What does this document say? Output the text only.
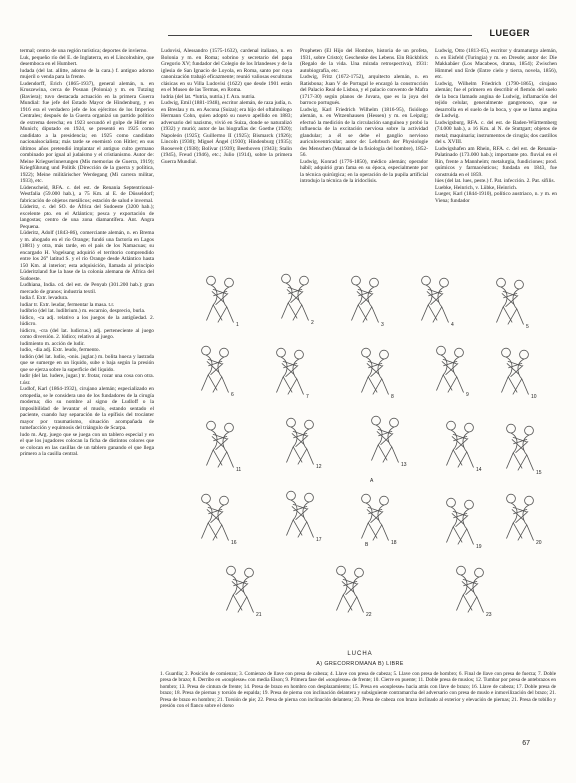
LUEGER

termal; centro de una región turística; deportes de invierno.

Luk, pequeño río del E. de Inglaterra, en el Lincolnshire, que desemboca en el Humbert.

ludada (del lat. allitte, adorno de la cara.) f. antiguo adorno mujeril o venda para la frente.

Ludendorff, Erich (1865-1937), general alemán, n. en Kruszewina, cerca de Posnan (Polonia) y m. en Tutzing (Baviera); tuvo destacada actuación en la primera Guerra Mundial: fue jefe del Estado Mayor de Hindenburg, y en 1916 era el verdadero jefe de los ejércitos de los Imperios Centrales; después de la Guerra organizó un partido político de extrema derecha; en 1923 secundó el golpe de Hitler en Munich; diputado en 1924, se presentó en 1925 como candidato a la presidencia; en 1925 como candidato nacionalsocialista; más tarde se enemistó con Hitler; en sus últimos años pretendió implantar el antiguo culto germano combinado por igual al judaísmo y el cristianismo. Autor de: Meine Kriegserinnerungen (Mis memorias de Guerra, 1919); Kriegführung und Politik (Dirección de la guerra y política, 1922); Meine militärischer Werdegang (Mi carrera militar, 1933), etc.

Lüdenscheid, RFA. c. del est. de Renania Septentrional-Westfalia (59.000 hab.), a 75 Km. al E. de Düsseldorf; fabricación de objetos metálicos; estación de salud e invernal.

Lüderitz, c. del SO. de África del Sudoeste (3200 hab.); excelente pto. en el Atlántico; pesca y exportación de langostas; centro de una zona diamantífera. Ant. Angra Pequena.

Lüderitz, Adolf (1843-86), comerciante alemán, n. en Brema y m. ahogado en el río Orange; fundó una factoría en Lagos (1881) y otra, más tarde, en el país de los Namacuas; su encargado H. Vogelsang adquirió el territorio comprendido entre los 26° latitud S. y el río Orange desde Atlántico hasta 150 Km. al interior; esta adquisición, llamada al principio Lüderitzland fue la base de la colonia alemana de África del Sudoeste.

Ludhiana, India. cd. del est. de Penyab (301.200 hab.): gran mercado de granos; industria textil.

ludia f. Extr. levadura.

ludiar tr. Extr. leudar, fermentar la masa. t.r.

ludibrio (del lat. ludibrium.) m. escarnio, desprecio, burla.

lúdico, -ca adj. relativo a los juegos de la antigüedad. 2. lúdicro.

lúdicro, -cra (del lat. ludicrus.) adj. perteneciente al juego como diversión. 2. lúdico; relativo al juego.

ludimiento m. acción de ludir.

ludio, -dia adj. Extr. leudo, fermento.

ludión (del lat. ludio, -onis. juglar.) m. bolita hueca y lastrada que se sumerge en un líquido, sube o baja según la presión que se ejerza sobre la superficie del líquido.

ludir (del lat. ludere, jugar.) tr. frotar, rozar una cosa con otra. t.úsr.

Ludlof, Karl (1864-1932), cirujano alemán; especializado en ortopedia, se le considera uno de los fundadores de la cirugía moderna; dio su nombre al signo de Ludloff o la imposibilidad de levantar el muslo, estando sentado el paciente, cuando hay separación de la epífisis del trocánter mayor por traumatismo, situación acompañada de tumefacción y equimosis del triángulo de Scarpa.

ludo m. Arg. juego que se juega con un tablero especial y en el que los jugadores colocan la ficha de distintos colores que se colocan en las casillas de un tablero ganando el que llega primero a la casilla central.

Ludovisi, Alessandro (1575-1632), cardenal italiano, n. en Bolonia y m. en Roma; sobrino y secretario del papa Gregorio XV; fundador del Colegio de los Irlandeses y de la iglesia de San Ignacio de Loyola, en Roma, santo por cuya canonización trabajó eficazmente; reunió valiosas esculturas clásicas en su Villa Ludovisi (1622) que desde 1901 están en el Museo de las Termas, en Roma.

ludria (del lat. *lutria, nutria.) f. Ara. nutria.

Ludwig, Emil (1881-1948), escritor alemán, de raza judía, n. en Breslau y m. en Ascona (Suiza); era hijo del oftalmólogo Hermann Cohn, quien adoptó su nuevo apellido en 1883; adversario del nazismo, vivió en Suiza, donde se naturalizó (1932) y murió; autor de las biografías de: Goethe (1920); Napoleón (1925); Guillermo II (1925); Bismarck (1926); Lincoln (1930); Miguel Ángel (1930); Hindenburg (1935); Roosevelt (1938); Bolívar (1939); Beethoven (1943); Stalin (1945), Freud (1946), etc.; Julio (1914), sobre la primera Guerra Mundial.

Propheten (El Hijo del Hombre, historia de un profeta, 1931, sobre Cristo); Geschenke des Lebens. Ein Rückblick (Regalo de la vida. Una mirada retrospectiva), 1931: autobiografía, etc.

Ludwig, Fritz (1672-1752), arquitecto alemán, n. en Ratisbona; Juan V de Portugal le encargó la construcción del Palacio Real de Lisboa, y el palacio convento de Mafra (1717-30) según planos de Juvara, que es la joya del barroco portugués.

Ludwig, Karl Friedrich Wilhelm (1816-95), fisiólogo alemán, n. en Witzenhausen (Hessen) y m. en Leipzig; efectuó la medición de la circulación sanguínea y probó la influencia de la excitación nerviosa sobre la actividad glandular; a él se debe el ganglio nervioso auriculoventricular; autor de: Lehrbuch der Physiologie des Menschen (Manual de la fisiología del hombre), 1852-56.

Ludwig, Konrad (1776-1850), médico alemán; operador hábil; adquirió gran fama en su época, especialmente por la técnica quirúrgica; en la operación de la pupila artificial introdujo la técnica de la iridoclisis.

Ludwig, Otto (1813-65), escritor y dramaturgo alemán, n. en Eisfeld (Turingia) y m. en Dresde; autor de: Die Makkabäer (Los Macabeos, drama, 1854); Zwischen Himmel und Erde (Entre cielo y tierra, novela, 1856), etc.

Ludwig, Wilhelm Friedrich (1790-1865), cirujano alemán; fue el primero en describir el flemón del suelo de la boca llamado angina de Ludwig, inflamación del tejido celular, generalmente gangrenoso, que se desarrolla en el suelo de la boca, y que se llama angina de Ludwig.

Ludwigsburg, RFA. c. del est. de Baden-Württemberg (74.000 hab.), a 16 Km. al N. de Stuttgart; objetos de metal; maquinaria; instrumentos de cirugía; dos castillos del s. XVIII.

Ludwigshafen am Rhein, RFA. c. del est. de Renania-Palatinado (173.000 hab.); importante pto. fluvial en el Rin, frente a Mannheim; metalurgia, fundiciones; prod. químicos y farmacéuticos; fundada en 1843, fue construida en el 1859.

lúes (del lat. lues, peste.) f. Pat. infección. 2. Pat. sífilis.

Luebke, Heinrich, v. Lübke, Heinrich.

Lueger, Karl (1844-1910), político austriaco, n. y m. en Viena; fundador

1	2	3	4	5
6	7	8	9	10
11	12	13
14	15
16	17	18
19
20
21	22	23
A
B
LUCHA
A) GRECORROMANA B) LIBRE
1. Guardia; 2. Posición de comienzo; 3. Comienzo de llave con presa de cabeza; 4. Llave con presa de cabeza; 5. Llave con presa de hombro; 6. Final de llave con presa de fuerza; 7. Doble presa de brazo; 8. Derribo en «souplesse» con media Elson; 9. Primera fase del «souplesse» de frente; 10. Cierre en puente; 11. Doble presa de muslos; 12. Tumbar por presa de antebrazos en hombro; 13. Presa de cintura de frente; 14. Presa de brazo en hombro con desplazamiento; 15. Presa en «souplesse» hacia atrás con llave de brazo; 16. Llave de cabeza; 17. Doble presa de brazo; 18. Presa de piernas y torsión de espalda; 19. Presa de pierna con inclinación delantera y subsiguiente contramarcha del adversario con presa de muslo e inmovilización del brazo; 21. Presa de brazo en hombro; 21. Torsión de pie; 22. Presa de pierna con inclinación delantera; 23. Presa de cabeza con brazo inclinado al exterior y elevación de piernas; 21. Presa de tobillo y presión con el flanco sobre el dorso
67
